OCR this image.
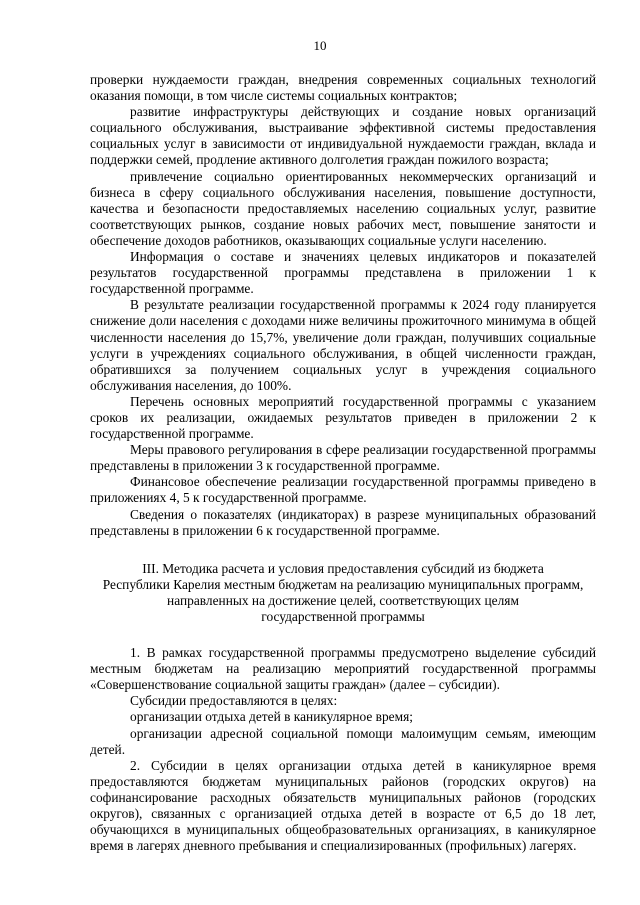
10

проверки нуждаемости граждан, внедрения современных социальных технологий оказания помощи, в том числе системы социальных контрактов;

развитие инфраструктуры действующих и создание новых организаций социального обслуживания, выстраивание эффективной системы предоставления социальных услуг в зависимости от индивидуальной нуждаемости граждан, вклада и поддержки семей, продление активного долголетия граждан пожилого возраста;

привлечение социально ориентированных некоммерческих организаций и бизнеса в сферу социального обслуживания населения, повышение доступности, качества и безопасности предоставляемых населению социальных услуг, развитие соответствующих рынков, создание новых рабочих мест, повышение занятости и обеспечение доходов работников, оказывающих социальные услуги населению.

Информация о составе и значениях целевых индикаторов и показателей результатов государственной программы представлена в приложении 1 к государственной программе.

В результате реализации государственной программы к 2024 году планируется снижение доли населения с доходами ниже величины прожиточного минимума в общей численности населения до 15,7%, увеличение доли граждан, получивших социальные услуги в учреждениях социального обслуживания, в общей численности граждан, обратившихся за получением социальных услуг в учреждения социального обслуживания населения, до 100%.

Перечень основных мероприятий государственной программы с указанием сроков их реализации, ожидаемых результатов приведен в приложении 2 к государственной программе.

Меры правового регулирования в сфере реализации государственной программы представлены в приложении 3 к государственной программе.

Финансовое обеспечение реализации государственной программы приведено в приложениях 4, 5 к государственной программе.

Сведения о показателях (индикаторах) в разрезе муниципальных образований представлены в приложении 6 к государственной программе.

III. Методика расчета и условия предоставления субсидий из бюджета
Республики Карелия местным бюджетам на реализацию муниципальных программ,
направленных на достижение целей, соответствующих целям
государственной программы

1. В рамках государственной программы предусмотрено выделение субсидий местным бюджетам на реализацию мероприятий государственной программы «Совершенствование социальной защиты граждан» (далее – субсидии).

Субсидии предоставляются в целях:

организации отдыха детей в каникулярное время;

организации адресной социальной помощи малоимущим семьям, имеющим детей.

2. Субсидии в целях организации отдыха детей в каникулярное время предоставляются бюджетам муниципальных районов (городских округов) на софинансирование расходных обязательств муниципальных районов (городских округов), связанных с организацией отдыха детей в возрасте от 6,5 до 18 лет, обучающихся в муниципальных общеобразовательных организациях, в каникулярное время в лагерях дневного пребывания и специализированных (профильных) лагерях.
